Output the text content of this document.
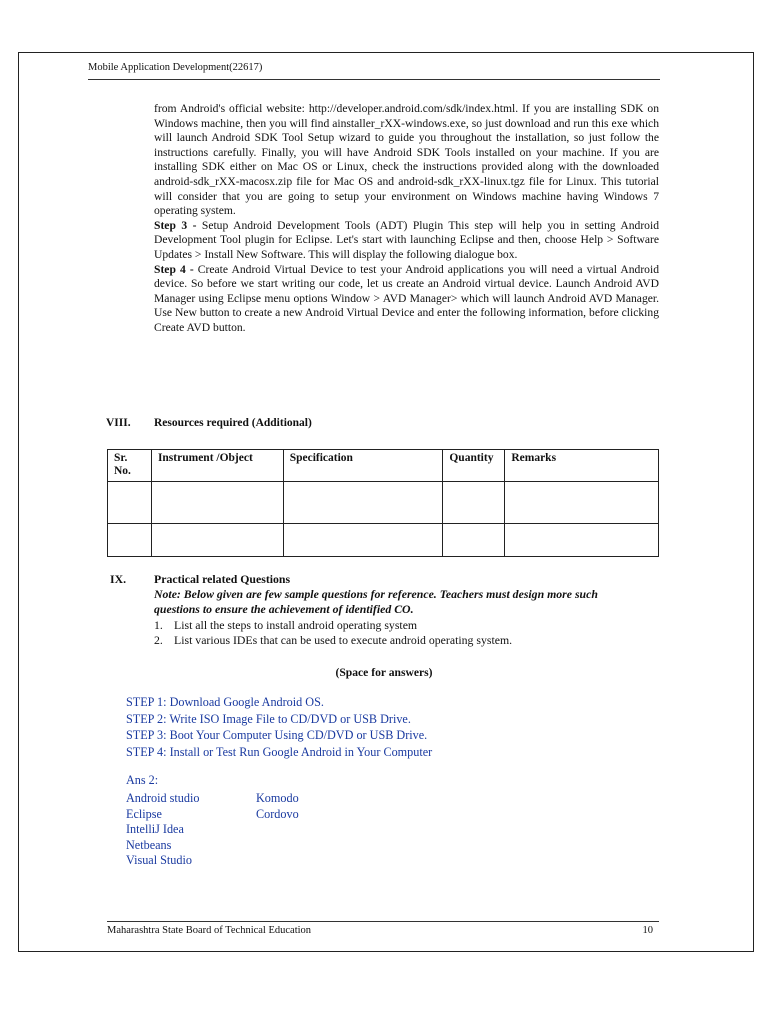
Mobile Application Development(22617)

from Android's official website: http://developer.android.com/sdk/index.html. If you are installing SDK on Windows machine, then you will find ainstaller_rXX-windows.exe, so just download and run this exe which will launch Android SDK Tool Setup wizard to guide you throughout the installation, so just follow the instructions carefully. Finally, you will have Android SDK Tools installed on your machine. If you are installing SDK either on Mac OS or Linux, check the instructions provided along with the downloaded android-sdk_rXX-macosx.zip file for Mac OS and android-sdk_rXX-linux.tgz file for Linux. This tutorial will consider that you are going to setup your environment on Windows machine having Windows 7 operating system.

Step 3 - Setup Android Development Tools (ADT) Plugin This step will help you in setting Android Development Tool plugin for Eclipse. Let's start with launching Eclipse and then, choose Help > Software Updates > Install New Software. This will display the following dialogue box.

Step 4 - Create Android Virtual Device to test your Android applications you will need a virtual Android device. So before we start writing our code, let us create an Android virtual device. Launch Android AVD Manager using Eclipse menu options Window > AVD Manager> which will launch Android AVD Manager. Use New button to create a new Android Virtual Device and enter the following information, before clicking Create AVD button.

VIII. Resources required (Additional)
Sr. No.	Instrument /Object	Specification	Quantity	Remarks

IX. Practical related Questions
Note: Below given are few sample questions for reference. Teachers must design more such questions to ensure the achievement of identified CO.
1. List all the steps to install android operating system
2. List various IDEs that can be used to execute android operating system.
(Space for answers)
STEP 1: Download Google Android OS.
STEP 2: Write ISO Image File to CD/DVD or USB Drive.
STEP 3: Boot Your Computer Using CD/DVD or USB Drive.
STEP 4: Install or Test Run Google Android in Your Computer
Ans 2:
Android studio
Eclipse
IntelliJ Idea
Netbeans
Visual Studio
Komodo
Cordovo
Maharashtra State Board of Technical Education	10
